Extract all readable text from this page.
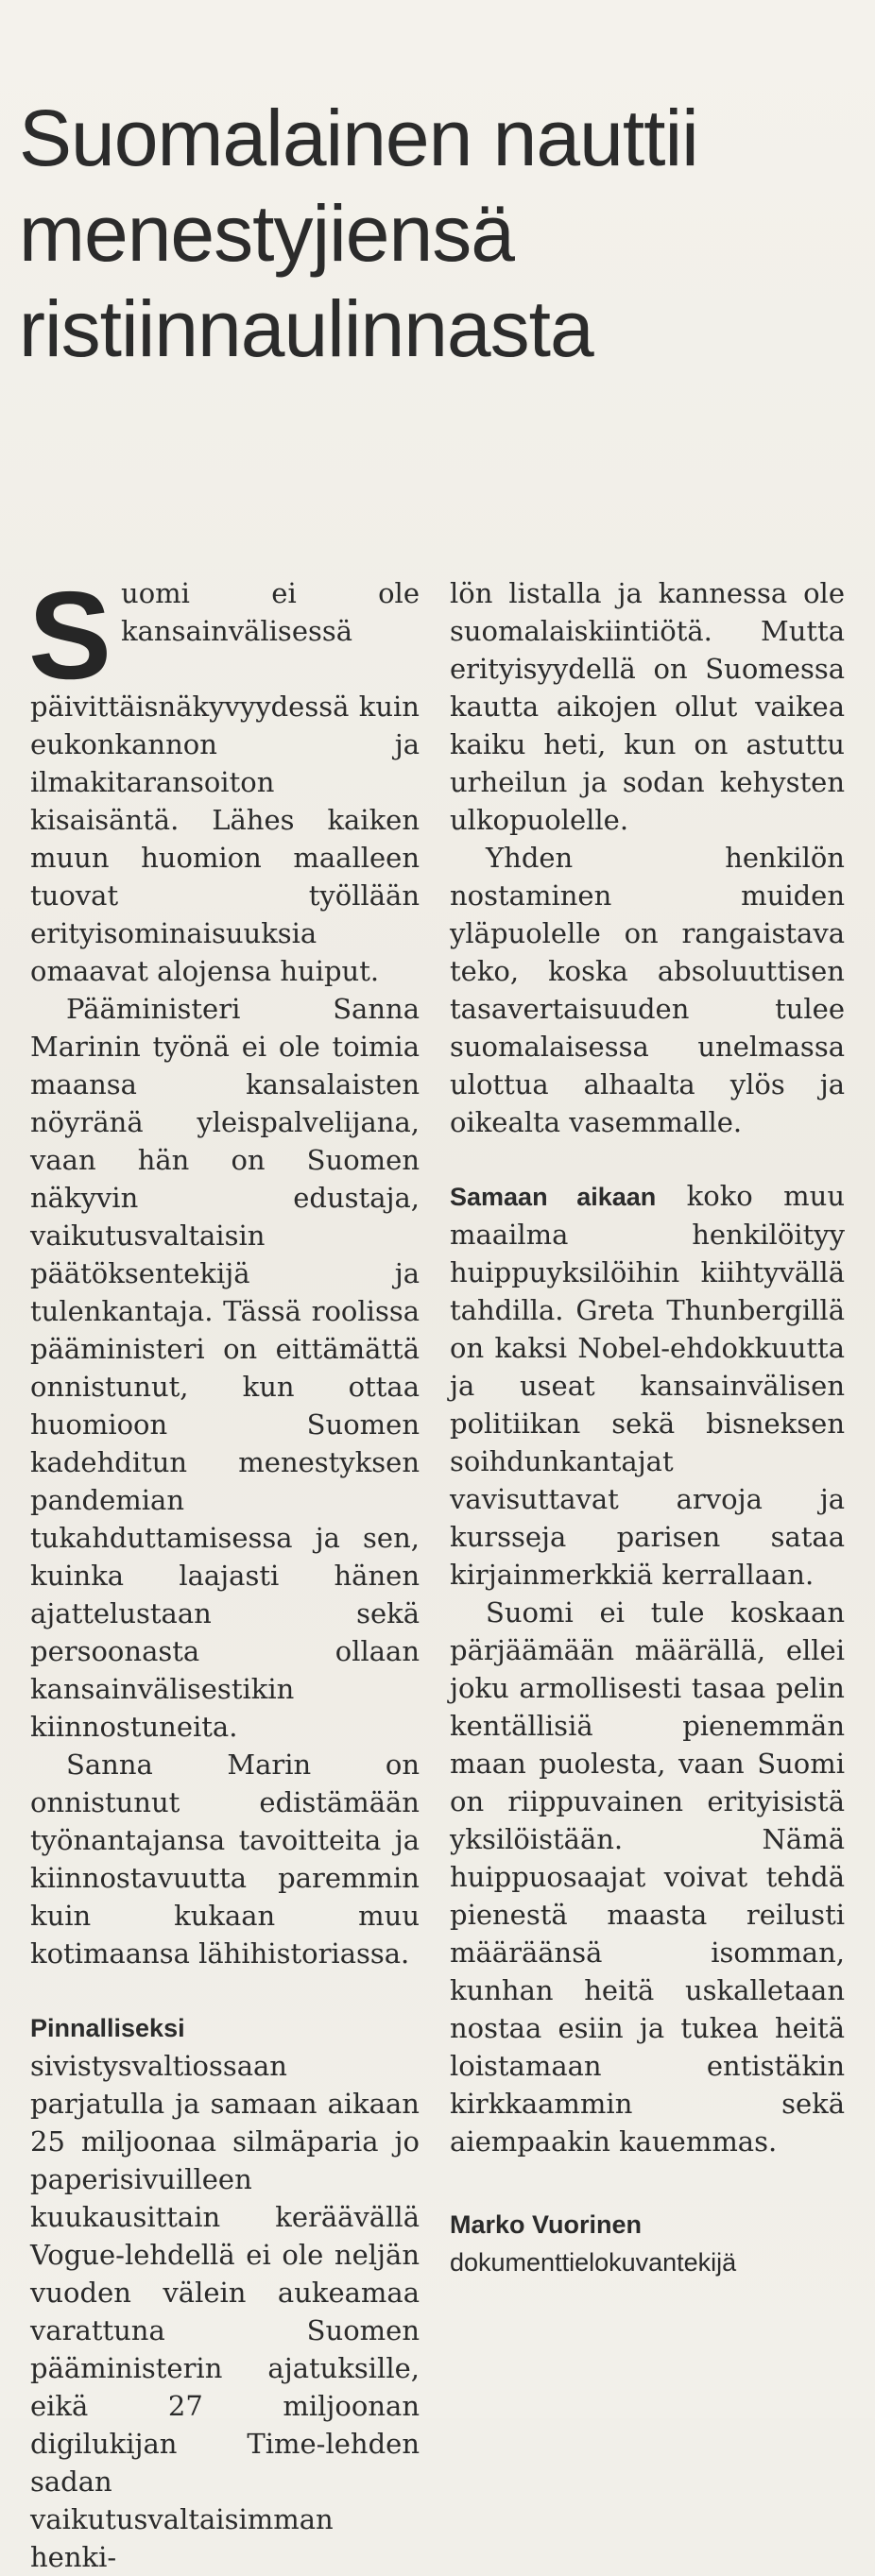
Suomalainen nauttii menestyjiensä ristiinnaulinnasta

Suomi ei ole kansainvälisessä päivittäisnäkyvyydessä kuin eukonkannon ja ilmakitaransoiton kisaisäntä. Lähes kaiken muun huomion maalleen tuovat työllään erityisominaisuuksia omaavat alojensa huiput.

Pääministeri Sanna Marinin työnä ei ole toimia maansa kansalaisten nöyränä yleispalvelijana, vaan hän on Suomen näkyvin edustaja, vaikutusvaltaisin päätöksentekijä ja tulenkantaja. Tässä roolissa pääministeri on eittämättä onnistunut, kun ottaa huomioon Suomen kadehditun menestyksen pandemian tukahduttamisessa ja sen, kuinka laajasti hänen ajattelustaan sekä persoonasta ollaan kansainvälisestikin kiinnostuneita.

Sanna Marin on onnistunut edistämään työnantajansa tavoitteita ja kiinnostavuutta paremmin kuin kukaan muu kotimaansa lähihistoriassa.

Pinnalliseksi sivistysvaltiossaan parjatulla ja samaan aikaan 25 miljoonaa silmäparia jo paperisivuilleen kuukausittain keräävällä Vogue-lehdellä ei ole neljän vuoden välein aukeamaa varattuna Suomen pääministerin ajatuksille, eikä 27 miljoonan digilukijan Time-lehden sadan vaikutusvaltaisimman henki-

lön listalla ja kannessa ole suomalaiskiintiötä. Mutta erityisyydellä on Suomessa kautta aikojen ollut vaikea kaiku heti, kun on astuttu urheilun ja sodan kehysten ulkopuolelle.

Yhden henkilön nostaminen muiden yläpuolelle on rangaistava teko, koska absoluuttisen tasavertaisuuden tulee suomalaisessa unelmassa ulottua alhaalta ylös ja oikealta vasemmalle.

Samaan aikaan koko muu maailma henkilöityy huippuyksilöihin kiihtyvällä tahdilla. Greta Thunbergillä on kaksi Nobel-ehdokkuutta ja useat kansainvälisen politiikan sekä bisneksen soihdunkantajat vavisuttavat arvoja ja kursseja parisen sataa kirjainmerkkiä kerrallaan.

Suomi ei tule koskaan pärjäämään määrällä, ellei joku armollisesti tasaa pelin kentällisiä pienemmän maan puolesta, vaan Suomi on riippuvainen erityisistä yksilöistään. Nämä huippuosaajat voivat tehdä pienestä maasta reilusti määräänsä isomman, kunhan heitä uskalletaan nostaa esiin ja tukea heitä loistamaan entistäkin kirkkaammin sekä aiempaakin kauemmas.

Marko Vuorinen
dokumenttielokuvantekijä
